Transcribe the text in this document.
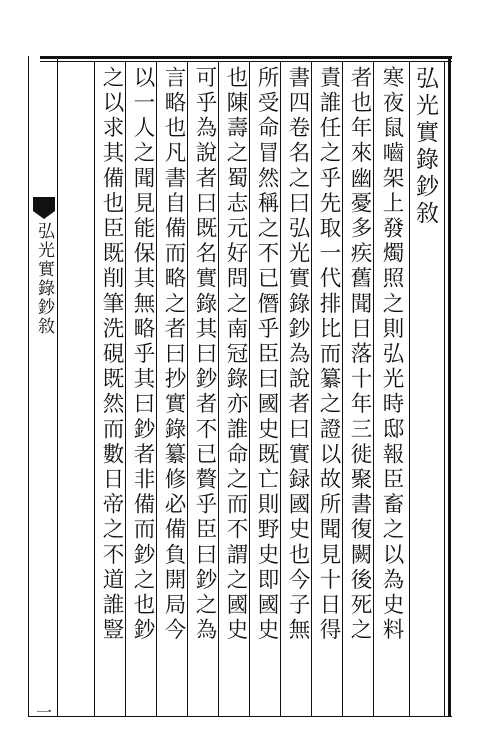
弘光實錄鈔敘
一
弘光實錄鈔敘
寒夜鼠嚙架上發燭照之則弘光時邸報臣畜之以為史料
者也年來幽憂多疾舊聞日落十年三徙聚書復闕後死之
責誰任之乎先取一代排比而纂之證以故所聞見十日得
書四卷名之曰弘光實錄鈔為說者曰實録國史也今子無
所受命冒然稱之不已僭乎臣曰國史既亡則野史即國史
也陳壽之蜀志元好問之南冠錄亦誰命之而不謂之國史
可乎為說者曰既名實錄其曰鈔者不已贅乎臣曰鈔之為
言略也凡書自備而略之者曰抄實錄纂修必備負開局今
以一人之聞見能保其無略乎其曰鈔者非備而鈔之也鈔
之以求其備也臣既削筆洗硯既然而數日帝之不道誰豎
